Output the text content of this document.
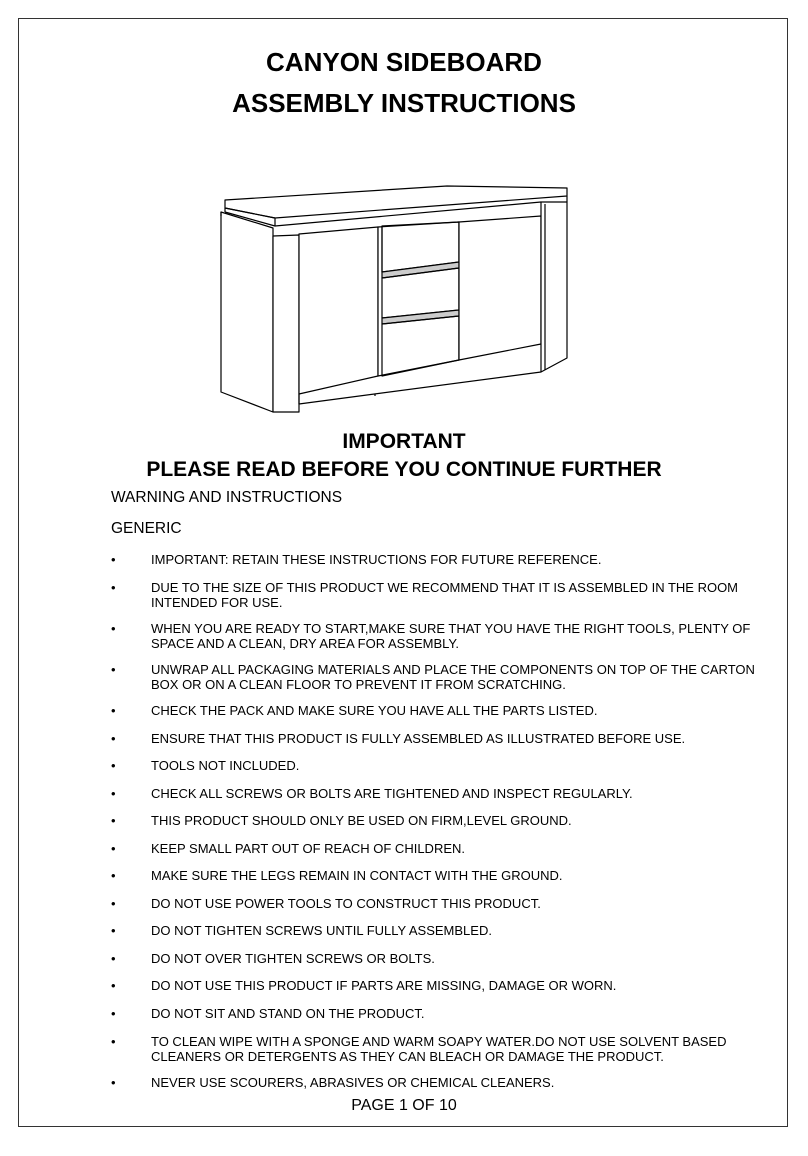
CANYON SIDEBOARD
ASSEMBLY INSTRUCTIONS
IMPORTANT
PLEASE READ BEFORE YOU CONTINUE FURTHER
WARNING AND INSTRUCTIONS
GENERIC
•	IMPORTANT: RETAIN THESE INSTRUCTIONS FOR FUTURE REFERENCE.
•	DUE TO THE SIZE OF THIS PRODUCT WE RECOMMEND THAT IT IS ASSEMBLED IN THE ROOM INTENDED FOR USE.
•	WHEN YOU ARE READY TO START,MAKE SURE THAT YOU HAVE THE RIGHT TOOLS, PLENTY OF SPACE AND A CLEAN, DRY AREA FOR ASSEMBLY.
•	UNWRAP ALL PACKAGING MATERIALS AND PLACE THE COMPONENTS ON TOP OF THE CARTON BOX OR ON A CLEAN FLOOR TO PREVENT IT FROM SCRATCHING.
•	CHECK THE PACK AND MAKE SURE YOU HAVE ALL THE PARTS LISTED.
•	ENSURE THAT THIS PRODUCT IS FULLY ASSEMBLED AS ILLUSTRATED BEFORE USE.
•	TOOLS NOT INCLUDED.
•	CHECK ALL SCREWS OR BOLTS ARE TIGHTENED AND INSPECT REGULARLY.
•	THIS PRODUCT SHOULD ONLY BE USED ON FIRM,LEVEL GROUND.
•	KEEP SMALL PART OUT OF REACH OF CHILDREN.
•	MAKE SURE THE LEGS REMAIN IN CONTACT WITH THE GROUND.
•	DO NOT USE POWER TOOLS TO CONSTRUCT THIS PRODUCT.
•	DO NOT TIGHTEN SCREWS UNTIL FULLY ASSEMBLED.
•	DO NOT OVER TIGHTEN SCREWS OR BOLTS.
•	DO NOT USE THIS PRODUCT IF PARTS ARE MISSING, DAMAGE OR WORN.
•	DO NOT SIT AND STAND ON THE PRODUCT.
•	TO CLEAN WIPE WITH A SPONGE AND WARM SOAPY WATER.DO NOT USE SOLVENT BASED CLEANERS OR DETERGENTS AS THEY CAN BLEACH OR DAMAGE THE PRODUCT.
•	NEVER USE SCOURERS, ABRASIVES OR CHEMICAL CLEANERS.
PAGE 1 OF 10
